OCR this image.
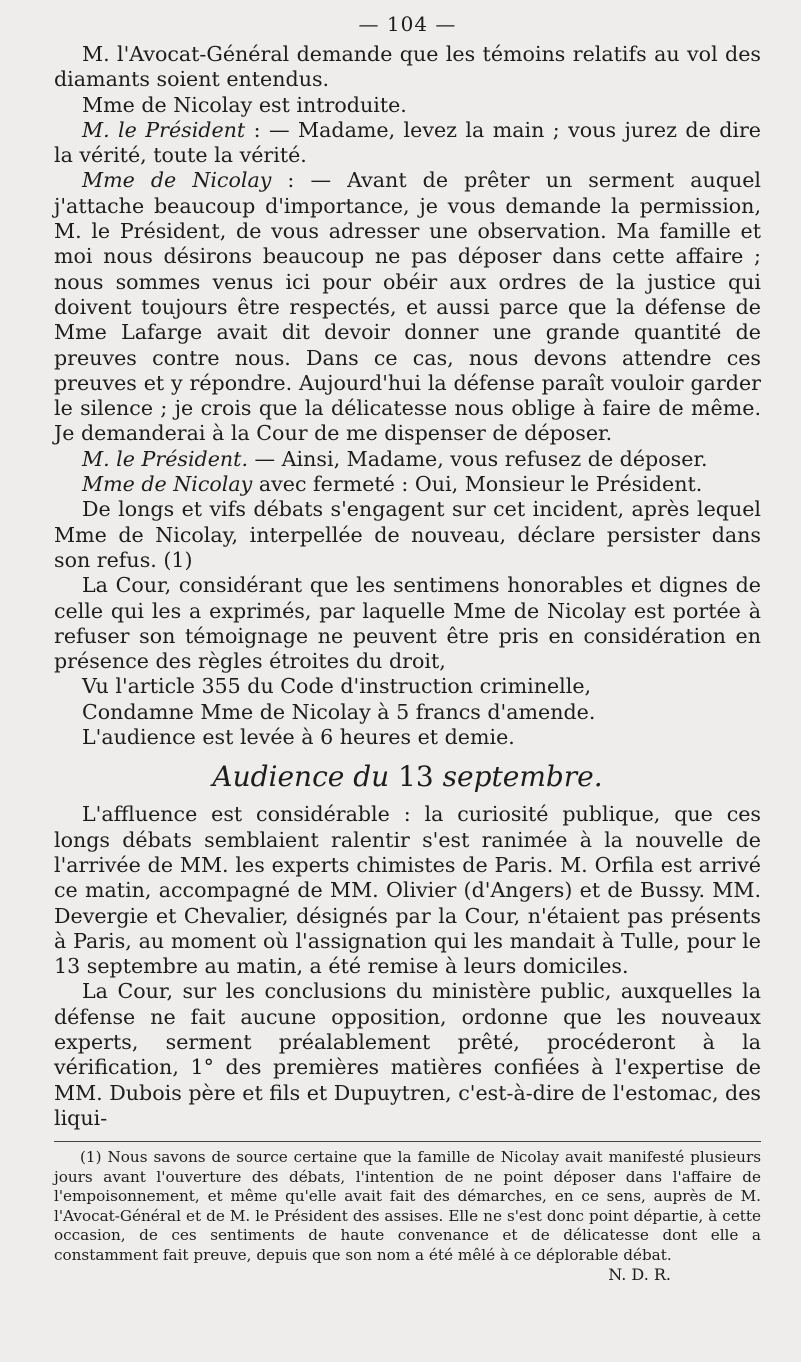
— 104 —

M. l'Avocat-Général demande que les témoins relatifs au vol des diamants soient entendus.

Mme de Nicolay est introduite.

M. le Président : — Madame, levez la main ; vous jurez de dire la vérité, toute la vérité.

Mme de Nicolay : — Avant de prêter un serment auquel j'attache beaucoup d'importance, je vous demande la permission, M. le Président, de vous adresser une observation. Ma famille et moi nous désirons beaucoup ne pas déposer dans cette affaire ; nous sommes venus ici pour obéir aux ordres de la justice qui doivent toujours être respectés, et aussi parce que la défense de Mme Lafarge avait dit devoir donner une grande quantité de preuves contre nous. Dans ce cas, nous devons attendre ces preuves et y répondre. Aujourd'hui la défense paraît vouloir garder le silence ; je crois que la délicatesse nous oblige à faire de même. Je demanderai à la Cour de me dispenser de déposer.

M. le Président. — Ainsi, Madame, vous refusez de déposer.

Mme de Nicolay avec fermeté : Oui, Monsieur le Président.

De longs et vifs débats s'engagent sur cet incident, après lequel Mme de Nicolay, interpellée de nouveau, déclare persister dans son refus. (1)

La Cour, considérant que les sentimens honorables et dignes de celle qui les a exprimés, par laquelle Mme de Nicolay est portée à refuser son témoignage ne peuvent être pris en considération en présence des règles étroites du droit,

Vu l'article 355 du Code d'instruction criminelle,

Condamne Mme de Nicolay à 5 francs d'amende.

L'audience est levée à 6 heures et demie.

Audience du 13 septembre.

L'affluence est considérable : la curiosité publique, que ces longs débats semblaient ralentir s'est ranimée à la nouvelle de l'arrivée de MM. les experts chimistes de Paris. M. Orfila est arrivé ce matin, accompagné de MM. Olivier (d'Angers) et de Bussy. MM. Devergie et Chevalier, désignés par la Cour, n'étaient pas présents à Paris, au moment où l'assignation qui les mandait à Tulle, pour le 13 septembre au matin, a été remise à leurs domiciles.

La Cour, sur les conclusions du ministère public, auxquelles la défense ne fait aucune opposition, ordonne que les nouveaux experts, serment préalablement prêté, procéderont à la vérification, 1° des premières matières confiées à l'expertise de MM. Dubois père et fils et Dupuytren, c'est-à-dire de l'estomac, des liqui-

(1) Nous savons de source certaine que la famille de Nicolay avait manifesté plusieurs jours avant l'ouverture des débats, l'intention de ne point déposer dans l'affaire de l'empoisonnement, et même qu'elle avait fait des démarches, en ce sens, auprès de M. l'Avocat-Général et de M. le Président des assises. Elle ne s'est donc point départie, à cette occasion, de ces sentiments de haute convenance et de délicatesse dont elle a constamment fait preuve, depuis que son nom a été mêlé à ce déplorable débat.

N. D. R.
